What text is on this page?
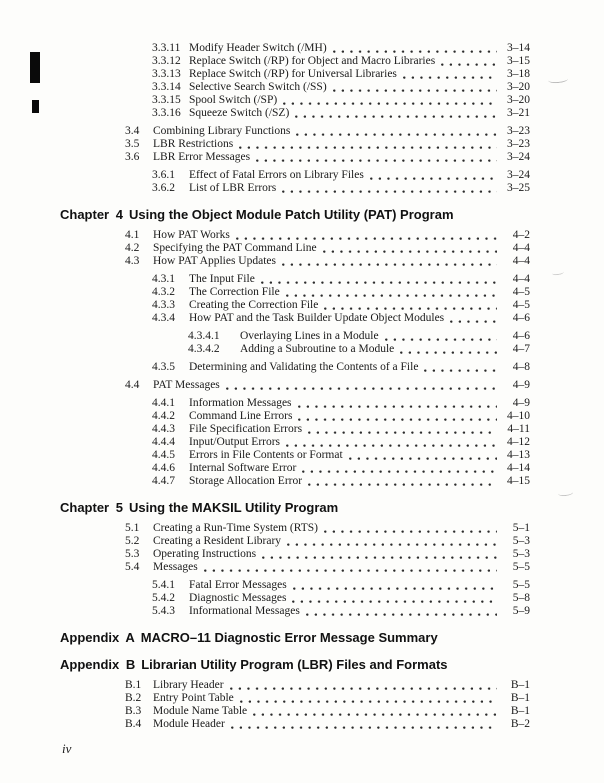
3.3.11 Modify Header Switch (/MH)	3–14
3.3.12 Replace Switch (/RP) for Object and Macro Libraries	3–15
3.3.13 Replace Switch (/RP) for Universal Libraries	3–18
3.3.14 Selective Search Switch (/SS)	3–20
3.3.15 Spool Switch (/SP)	3–20
3.3.16 Squeeze Switch (/SZ)	3–21
3.4	Combining Library Functions	3–23
3.5	LBR Restrictions	3–23
3.6	LBR Error Messages	3–24
3.6.1	Effect of Fatal Errors on Library Files	3–24
3.6.2	List of LBR Errors	3–25
Chapter 4 Using the Object Module Patch Utility (PAT) Program
4.1	How PAT Works	4–2
4.2	Specifying the PAT Command Line	4–4
4.3	How PAT Applies Updates	4–4
4.3.1	The Input File	4–4
4.3.2	The Correction File	4–5
4.3.3	Creating the Correction File	4–5
4.3.4	How PAT and the Task Builder Update Object Modules	4–6
4.3.4.1	Overlaying Lines in a Module	4–6
4.3.4.2	Adding a Subroutine to a Module	4–7
4.3.5	Determining and Validating the Contents of a File	4–8
4.4	PAT Messages	4–9
4.4.1	Information Messages	4–9
4.4.2	Command Line Errors	4–10
4.4.3	File Specification Errors	4–11
4.4.4	Input/Output Errors	4–12
4.4.5	Errors in File Contents or Format	4–13
4.4.6	Internal Software Error	4–14
4.4.7	Storage Allocation Error	4–15
Chapter 5 Using the MAKSIL Utility Program
5.1	Creating a Run-Time System (RTS)	5–1
5.2	Creating a Resident Library	5–3
5.3	Operating Instructions	5–3
5.4	Messages	5–5
5.4.1	Fatal Error Messages	5–5
5.4.2	Diagnostic Messages	5–8
5.4.3	Informational Messages	5–9
Appendix A MACRO–11 Diagnostic Error Message Summary
Appendix B Librarian Utility Program (LBR) Files and Formats
B.1	Library Header	B–1
B.2	Entry Point Table	B–1
B.3	Module Name Table	B–1
B.4	Module Header	B–2
iv
